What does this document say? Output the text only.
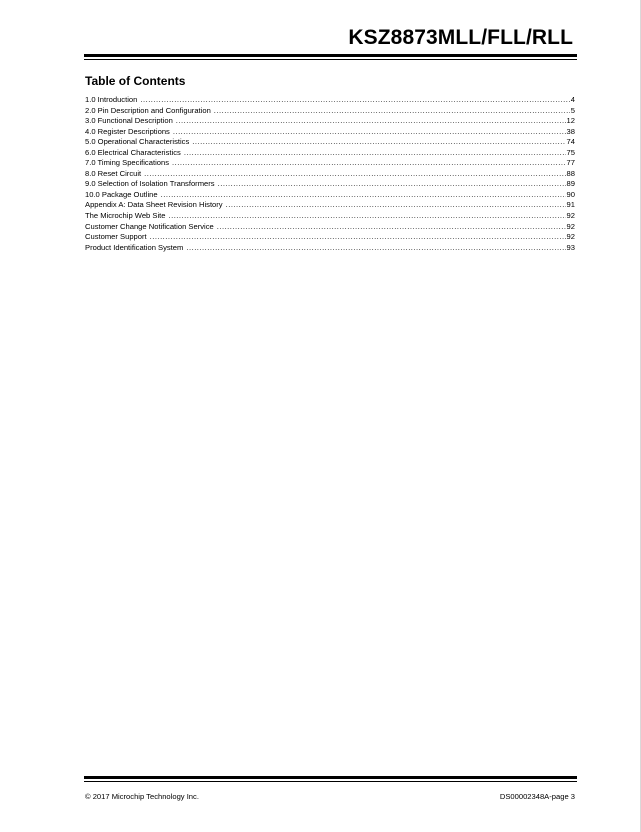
KSZ8873MLL/FLL/RLL
Table of Contents
1.0 Introduction .....	4
2.0 Pin Description and Configuration .....	5
3.0 Functional Description .....	12
4.0 Register Descriptions .....	38
5.0 Operational Characteristics .....	74
6.0 Electrical Characteristics .....	75
7.0 Timing Specifications .....	77
8.0 Reset Circuit .....	88
9.0 Selection of Isolation Transformers .....	89
10.0 Package Outline .....	90
Appendix A: Data Sheet Revision History .....	91
The Microchip Web Site .....	92
Customer Change Notification Service .....	92
Customer Support .....	92
Product Identification System .....	93
© 2017 Microchip Technology Inc.	DS00002348A-page 3
